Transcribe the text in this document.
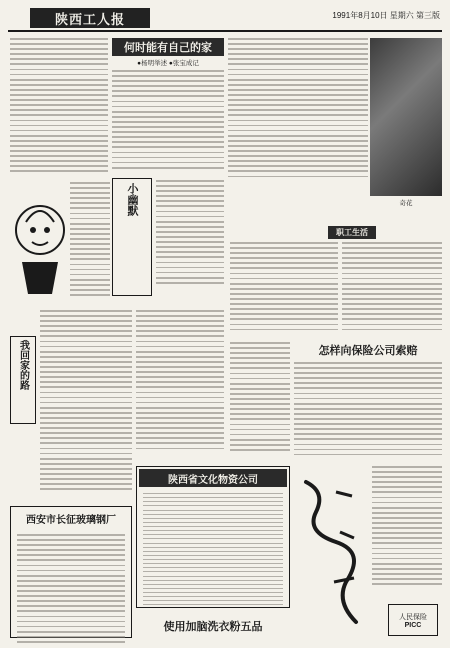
陕西工人报	1991年8月10日 星期六 第三版
何时能有自己的家
●杨明举述 ●张宝成记
小幽默	奇花
职工生活
我回家的路	怎样向保险公司索赔
西安市长征玻璃钢厂
陕西省文化物资公司
使用加脑洗衣粉五品
人民保险
PICC
